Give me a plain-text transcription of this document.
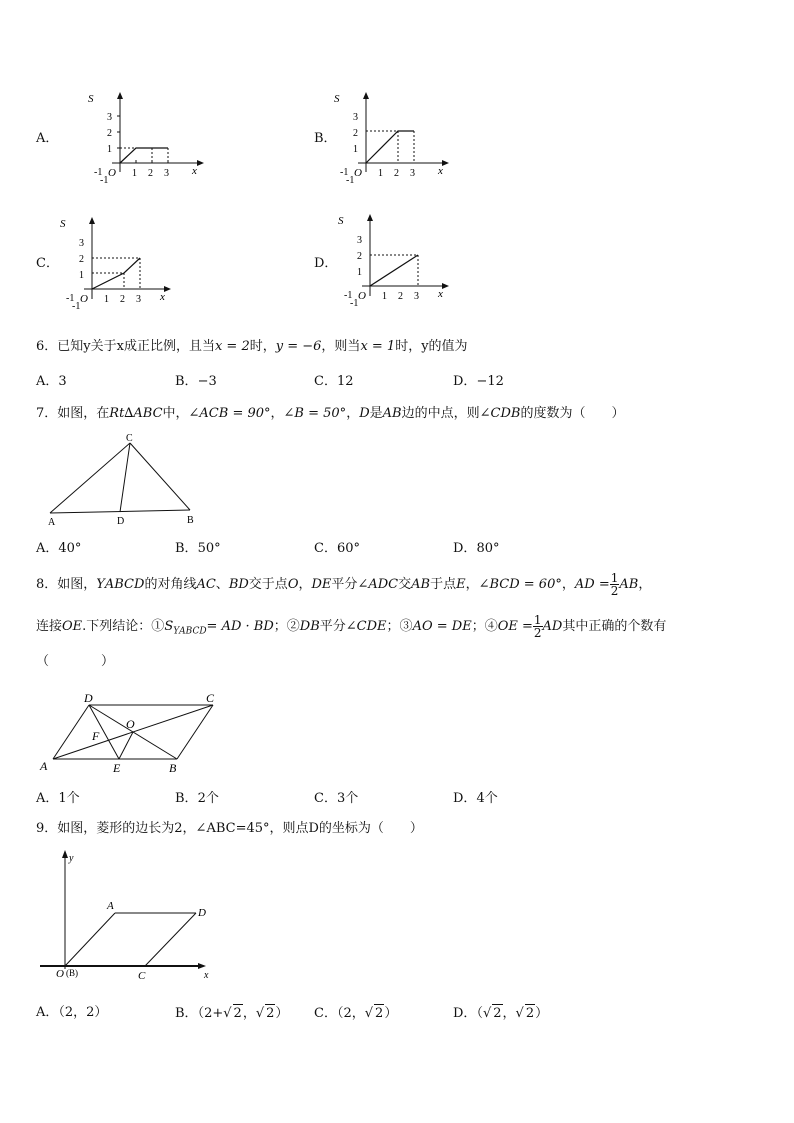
A．
S
x
3
2
1
-1
-1 O 1 2 3
B．
S
x
3
2
1
-1
-1 O 1 2 3
C．
S
x
3
2
1
-1
-1 O 1 2 3
D．
S
x
3
2
1
-1
-1 O 1 2 3
6．已知y关于x成正比例，且当x = 2时，y = −6，则当x = 1时，y的值为
A．3	B．−3	C．12	D．−12
7．如图，在Rt∆ABC中，∠ACB = 90°，∠B = 50°，D是AB边的中点，则∠CDB的度数为（　　）
C
A	D	B
A．40°	B．50°	C．60°	D．80°
8．如图，ΥABCD的对角线AC、BD交于点O，DE平分∠ADC交AB于点E，∠BCD = 60°，AD = $\frac{1}{2}$ AB，
连接OE.下列结论：$①S_{\Upsilon ABCD}=$ AD · BD；②DB平分∠CDE；③AO = DE；④OE = $\frac{1}{2}$ AD其中正确的个数有
（　　　　）
D	C
A	E	B
F
O
A．1个	B．2个	C．3个	D．4个
9．如图，菱形的边长为2，∠ABC=45°，则点D的坐标为（　　）
y
x
A
D
C
O (B)
A．（2，2）	B．（2+√ 2，√ 2） C．（2，√ 2）	D．（√ 2，√ 2）
